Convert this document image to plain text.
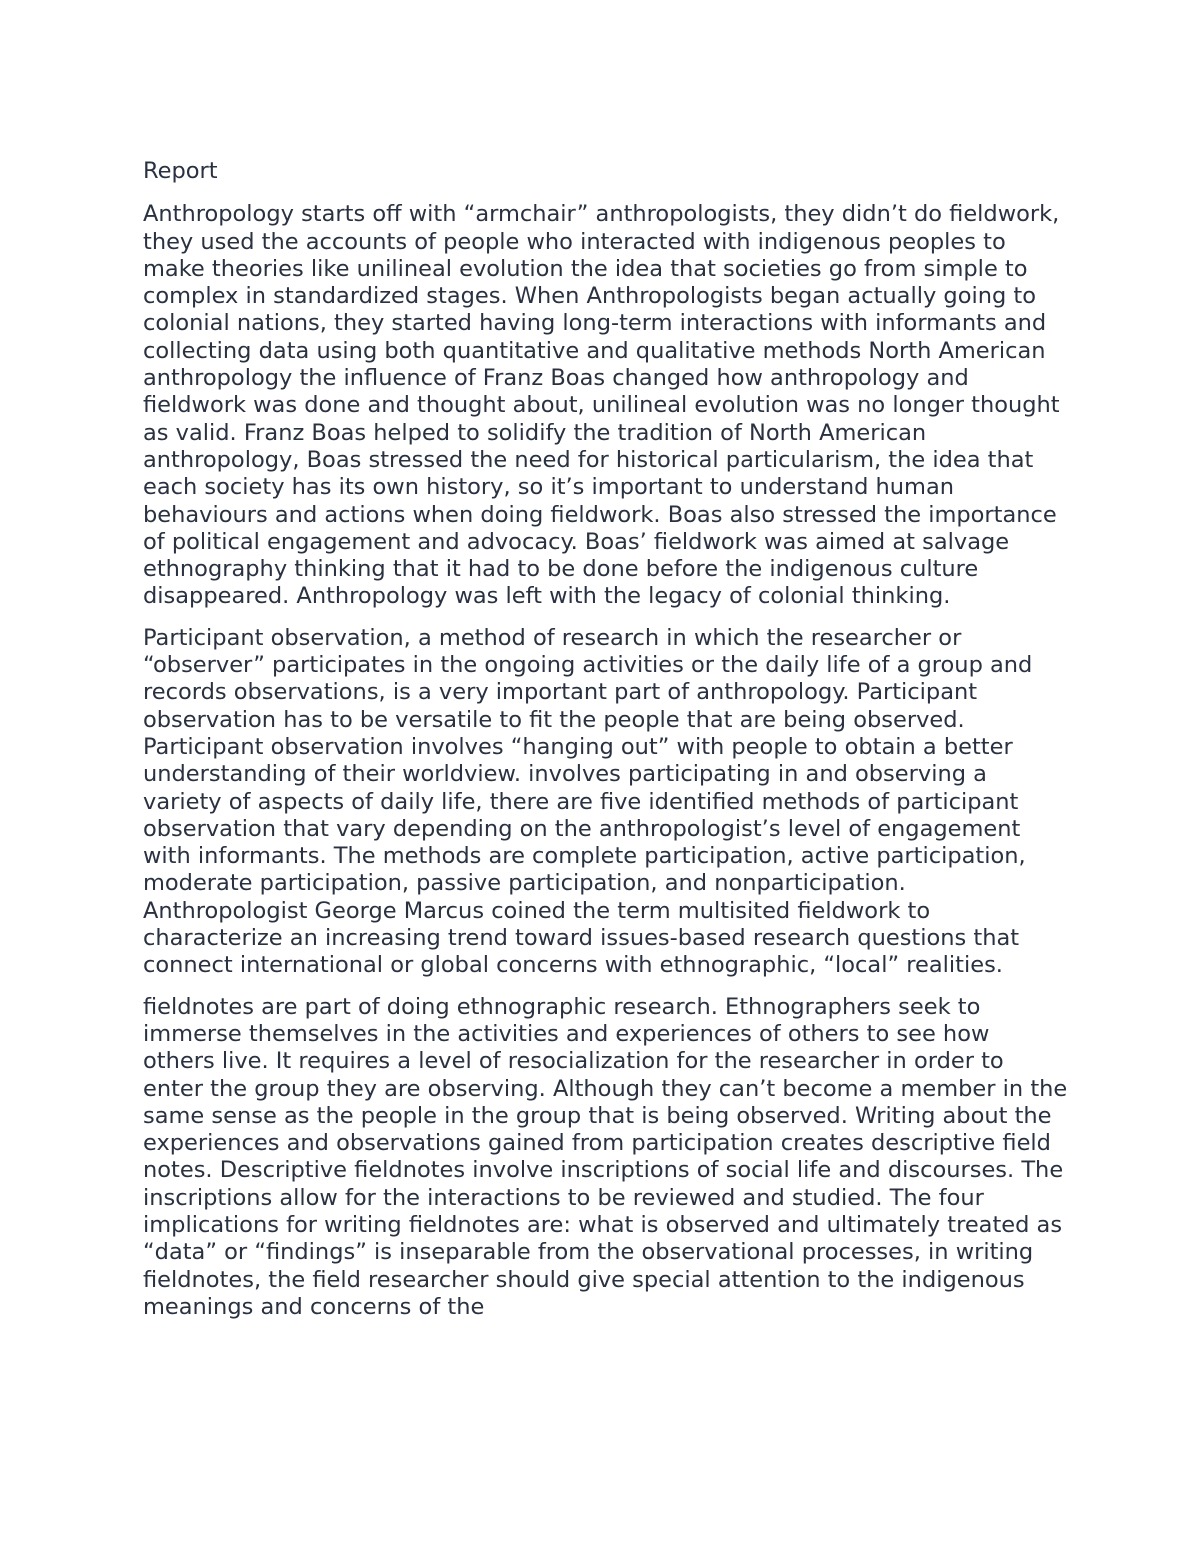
Report

Anthropology starts off with “armchair” anthropologists, they didn’t do fieldwork, they used the accounts of people who interacted with indigenous peoples to make theories like unilineal evolution the idea that societies go from simple to complex in standardized stages. When Anthropologists began actually going to colonial nations, they started having long-term interactions with informants and collecting data using both quantitative and qualitative methods North American anthropology the influence of Franz Boas changed how anthropology and fieldwork was done and thought about, unilineal evolution was no longer thought as valid. Franz Boas helped to solidify the tradition of North American anthropology, Boas stressed the need for historical particularism, the idea that each society has its own history, so it’s important to understand human behaviours and actions when doing fieldwork. Boas also stressed the importance of political engagement and advocacy. Boas’ fieldwork was aimed at salvage ethnography thinking that it had to be done before the indigenous culture disappeared. Anthropology was left with the legacy of colonial thinking.

Participant observation, a method of research in which the researcher or “observer” participates in the ongoing activities or the daily life of a group and records observations, is a very important part of anthropology. Participant observation has to be versatile to fit the people that are being observed. Participant observation involves “hanging out” with people to obtain a better understanding of their worldview. involves participating in and observing a variety of aspects of daily life, there are five identified methods of participant observation that vary depending on the anthropologist’s level of engagement with informants. The methods are complete participation, active participation, moderate participation, passive participation, and nonparticipation. Anthropologist George Marcus coined the term multisited fieldwork to characterize an increasing trend toward issues-based research questions that connect international or global concerns with ethnographic, “local” realities.

fieldnotes are part of doing ethnographic research. Ethnographers seek to immerse themselves in the activities and experiences of others to see how others live. It requires a level of resocialization for the researcher in order to enter the group they are observing. Although they can’t become a member in the same sense as the people in the group that is being observed. Writing about the experiences and observations gained from participation creates descriptive field notes. Descriptive fieldnotes involve inscriptions of social life and discourses. The inscriptions allow for the interactions to be reviewed and studied. The four implications for writing fieldnotes are: what is observed and ultimately treated as “data” or “findings” is inseparable from the observational processes, in writing fieldnotes, the field researcher should give special attention to the indigenous meanings and concerns of the
